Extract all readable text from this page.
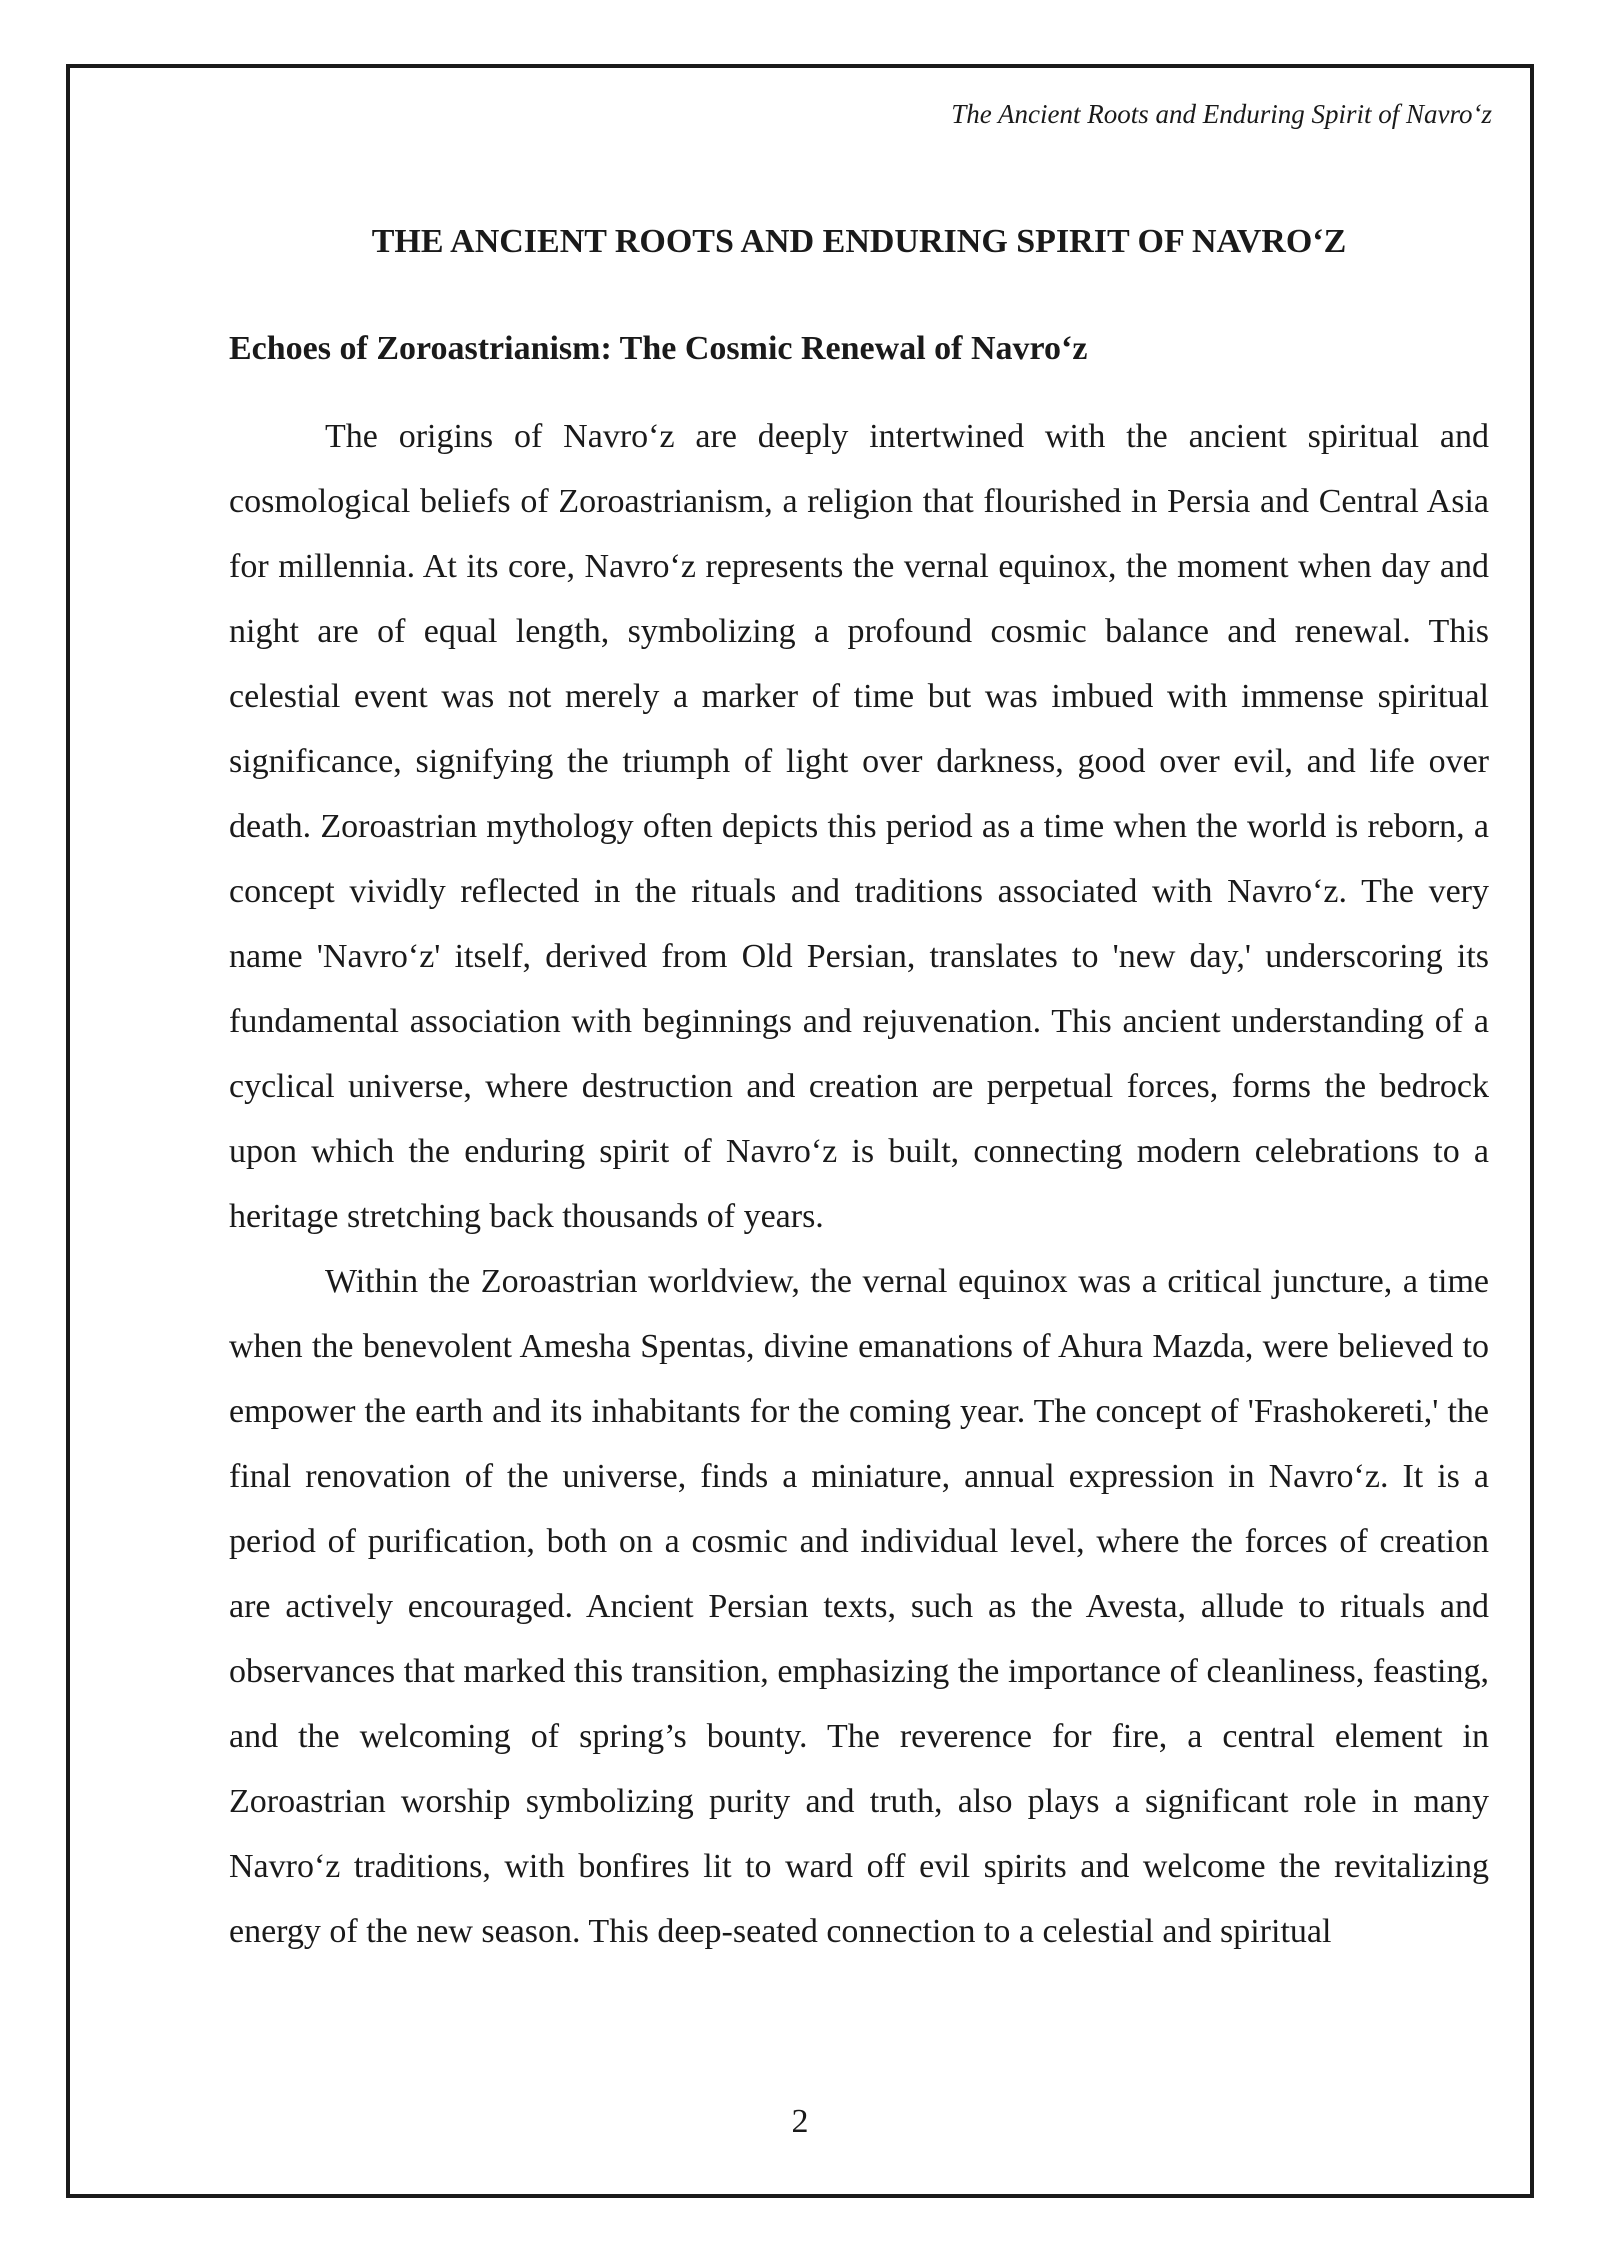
The Ancient Roots and Enduring Spirit of Navro‘z
THE ANCIENT ROOTS AND ENDURING SPIRIT OF NAVRO‘Z
Echoes of Zoroastrianism: The Cosmic Renewal of Navro‘z

The origins of Navro‘z are deeply intertwined with the ancient spiritual and cosmological beliefs of Zoroastrianism, a religion that flourished in Persia and Central Asia for millennia. At its core, Navro‘z represents the vernal equinox, the moment when day and night are of equal length, symbolizing a profound cosmic balance and renewal. This celestial event was not merely a marker of time but was imbued with immense spiritual significance, signifying the triumph of light over darkness, good over evil, and life over death. Zoroastrian mythology often depicts this period as a time when the world is reborn, a concept vividly reflected in the rituals and traditions associated with Navro‘z. The very name 'Navro‘z' itself, derived from Old Persian, translates to 'new day,' underscoring its fundamental association with beginnings and rejuvenation. This ancient understanding of a cyclical universe, where destruction and creation are perpetual forces, forms the bedrock upon which the enduring spirit of Navro‘z is built, connecting modern celebrations to a heritage stretching back thousands of years.

Within the Zoroastrian worldview, the vernal equinox was a critical juncture, a time when the benevolent Amesha Spentas, divine emanations of Ahura Mazda, were believed to empower the earth and its inhabitants for the coming year. The concept of 'Frashokereti,' the final renovation of the universe, finds a miniature, annual expression in Navro‘z. It is a period of purification, both on a cosmic and individual level, where the forces of creation are actively encouraged. Ancient Persian texts, such as the Avesta, allude to rituals and observances that marked this transition, emphasizing the importance of cleanliness, feasting, and the welcoming of spring’s bounty. The reverence for fire, a central element in Zoroastrian worship symbolizing purity and truth, also plays a significant role in many Navro‘z traditions, with bonfires lit to ward off evil spirits and welcome the revitalizing energy of the new season. This deep-seated connection to a celestial and spiritual

2
